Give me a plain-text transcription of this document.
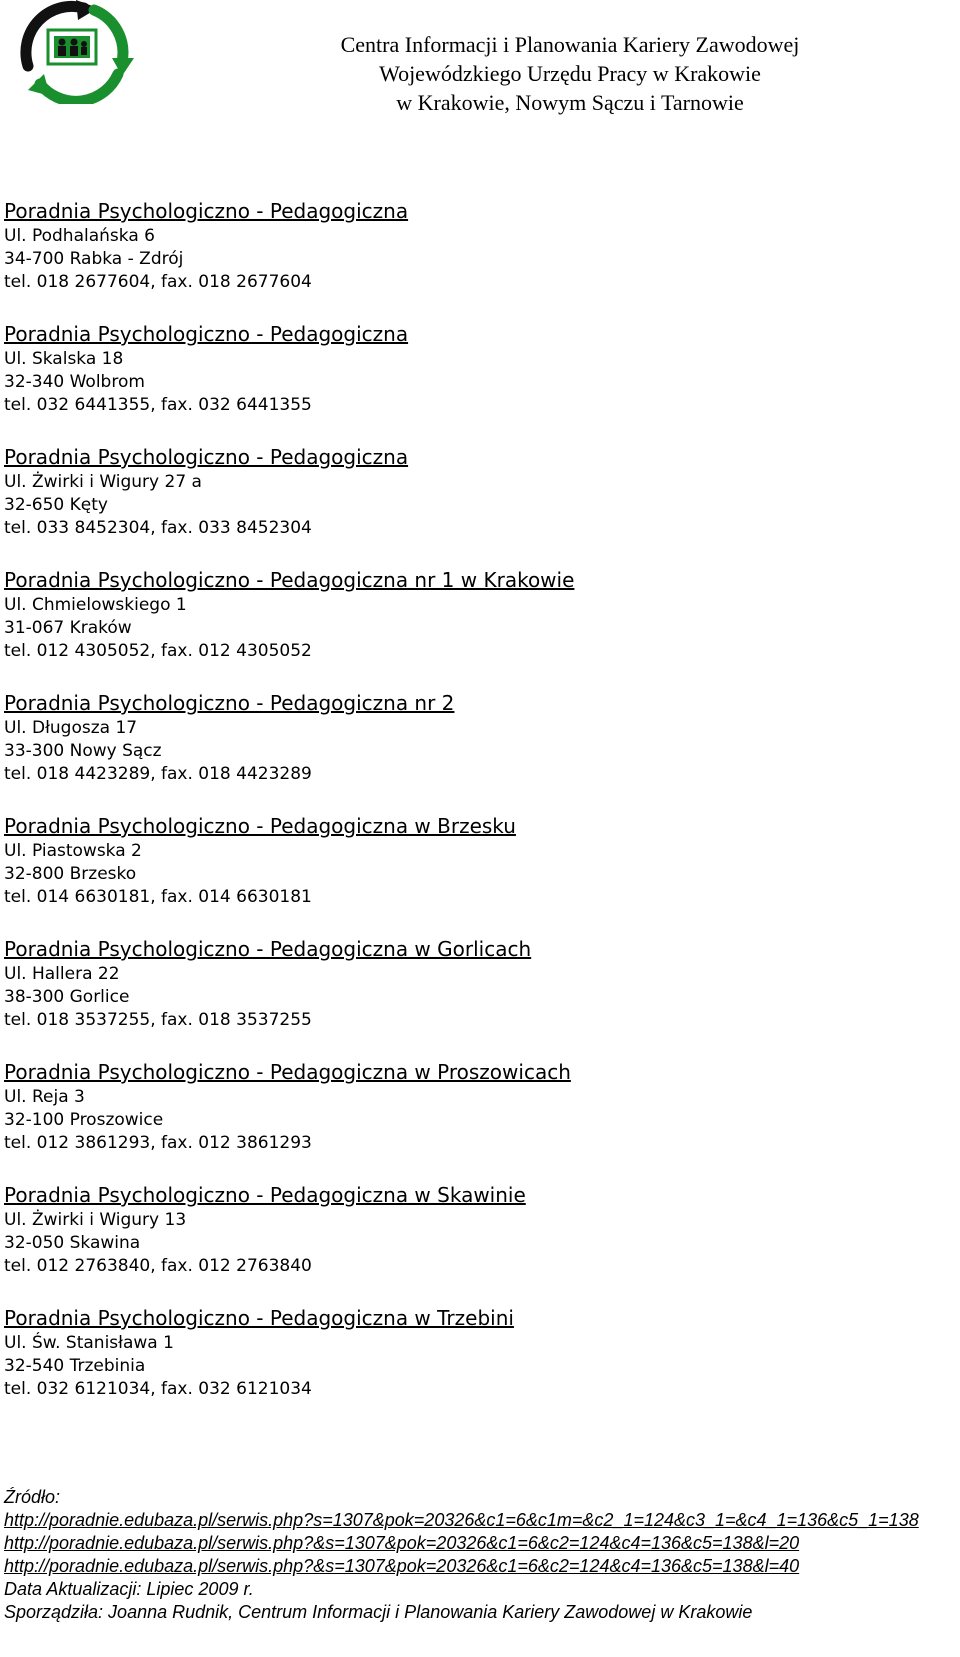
Centra Informacji i Planowania Kariery Zawodowej
Wojewódzkiego Urzędu Pracy w Krakowie
w Krakowie, Nowym Sączu i Tarnowie
Poradnia Psychologiczno - Pedagogiczna
Ul. Podhalańska 6
34-700 Rabka - Zdrój
tel. 018 2677604, fax. 018 2677604
Poradnia Psychologiczno - Pedagogiczna
Ul. Skalska 18
32-340 Wolbrom
tel. 032 6441355, fax. 032 6441355
Poradnia Psychologiczno - Pedagogiczna
Ul. Żwirki i Wigury 27 a
32-650 Kęty
tel. 033 8452304, fax. 033 8452304
Poradnia Psychologiczno - Pedagogiczna nr 1 w Krakowie
Ul. Chmielowskiego 1
31-067 Kraków
tel. 012 4305052, fax. 012 4305052
Poradnia Psychologiczno - Pedagogiczna nr 2
Ul. Długosza 17
33-300 Nowy Sącz
tel. 018 4423289, fax. 018 4423289
Poradnia Psychologiczno - Pedagogiczna w Brzesku
Ul. Piastowska 2
32-800 Brzesko
tel. 014 6630181, fax. 014 6630181
Poradnia Psychologiczno - Pedagogiczna w Gorlicach
Ul. Hallera 22
38-300 Gorlice
tel. 018 3537255, fax. 018 3537255
Poradnia Psychologiczno - Pedagogiczna w Proszowicach
Ul. Reja 3
32-100 Proszowice
tel. 012 3861293, fax. 012 3861293
Poradnia Psychologiczno - Pedagogiczna w Skawinie
Ul. Żwirki i Wigury 13
32-050 Skawina
tel. 012 2763840, fax. 012 2763840
Poradnia Psychologiczno - Pedagogiczna w Trzebini
Ul. Św. Stanisława 1
32-540 Trzebinia
tel. 032 6121034, fax. 032 6121034
Źródło:
http://poradnie.edubaza.pl/serwis.php?s=1307&pok=20326&c1=6&c1m=&c2_1=124&c3_1=&c4_1=136&c5_1=138
http://poradnie.edubaza.pl/serwis.php?&s=1307&pok=20326&c1=6&c2=124&c4=136&c5=138&l=20
http://poradnie.edubaza.pl/serwis.php?&s=1307&pok=20326&c1=6&c2=124&c4=136&c5=138&l=40
Data Aktualizacji: Lipiec 2009 r.
Sporządziła: Joanna Rudnik, Centrum Informacji i Planowania Kariery Zawodowej w Krakowie
